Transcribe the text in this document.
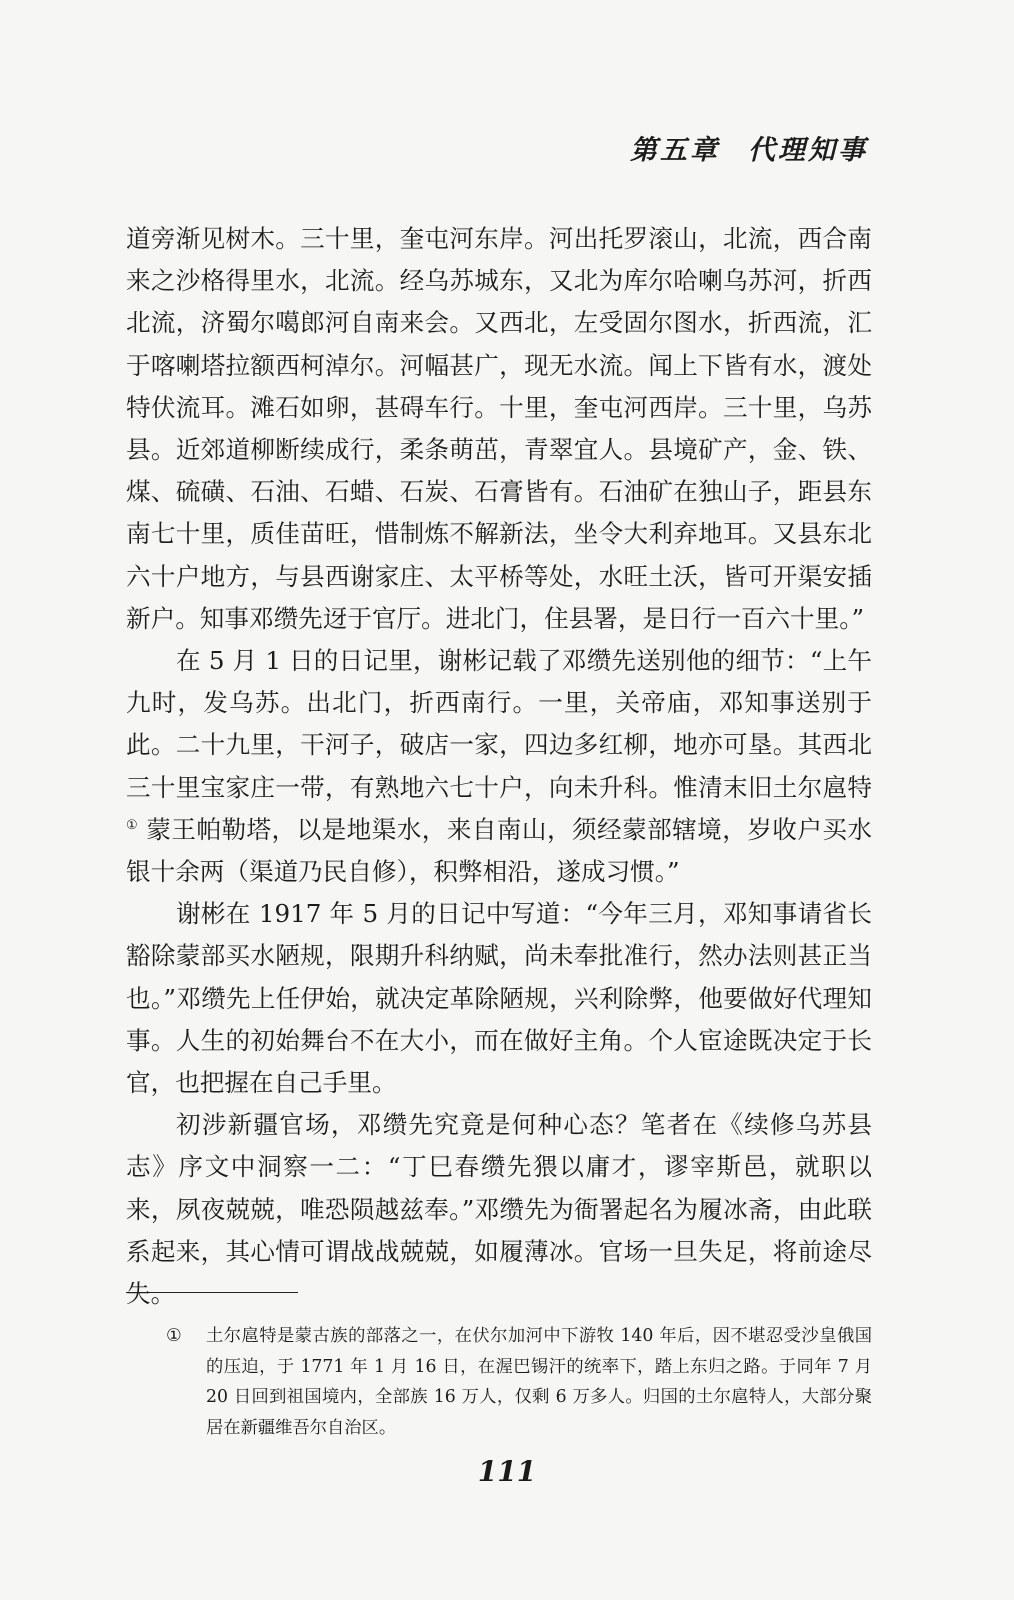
第五章 代理知事

道旁渐见树木。三十里，奎屯河东岸。河出托罗滚山，北流，西合南来之沙格得里水，北流。经乌苏城东，又北为库尔哈喇乌苏河，折西北流，济蜀尔噶郎河自南来会。又西北，左受固尔图水，折西流，汇于喀喇塔拉额西柯淖尔。河幅甚广，现无水流。闻上下皆有水，渡处特伏流耳。滩石如卵，甚碍车行。十里，奎屯河西岸。三十里，乌苏县。近郊道柳断续成行，柔条萌茁，青翠宜人。县境矿产，金、铁、煤、硫磺、石油、石蜡、石炭、石膏皆有。石油矿在独山子，距县东南七十里，质佳苗旺，惜制炼不解新法，坐令大利弃地耳。又县东北六十户地方，与县西谢家庄、太平桥等处，水旺土沃，皆可开渠安插新户。知事邓缵先迓于官厅。进北门，住县署，是日行一百六十里。”

在 5 月 1 日的日记里，谢彬记载了邓缵先送别他的细节：“上午九时，发乌苏。出北门，折西南行。一里，关帝庙，邓知事送别于此。二十九里，干河子，破店一家，四边多红柳，地亦可垦。其西北三十里宝家庄一带，有熟地六七十户，向未升科。惟清末旧土尔扈特① 蒙王帕勒塔，以是地渠水，来自南山，须经蒙部辖境，岁收户买水银十余两（渠道乃民自修），积弊相沿，遂成习惯。”

谢彬在 1917 年 5 月的日记中写道：“今年三月，邓知事请省长豁除蒙部买水陋规，限期升科纳赋，尚未奉批准行，然办法则甚正当也。”邓缵先上任伊始，就决定革除陋规，兴利除弊，他要做好代理知事。人生的初始舞台不在大小，而在做好主角。个人宦途既决定于长官，也把握在自己手里。

初涉新疆官场，邓缵先究竟是何种心态？笔者在《续修乌苏县志》序文中洞察一二：“丁巳春缵先猥以庸才，谬宰斯邑，就职以来，夙夜兢兢，唯恐陨越兹奉。”邓缵先为衙署起名为履冰斋，由此联系起来，其心情可谓战战兢兢，如履薄冰。官场一旦失足，将前途尽失。

①	土尔扈特是蒙古族的部落之一，在伏尔加河中下游牧 140 年后，因不堪忍受沙皇俄国的压迫，于 1771 年 1 月 16 日，在渥巴锡汗的统率下，踏上东归之路。于同年 7 月 20 日回到祖国境内，全部族 16 万人，仅剩 6 万多人。归国的土尔扈特人，大部分聚居在新疆维吾尔自治区。
111
